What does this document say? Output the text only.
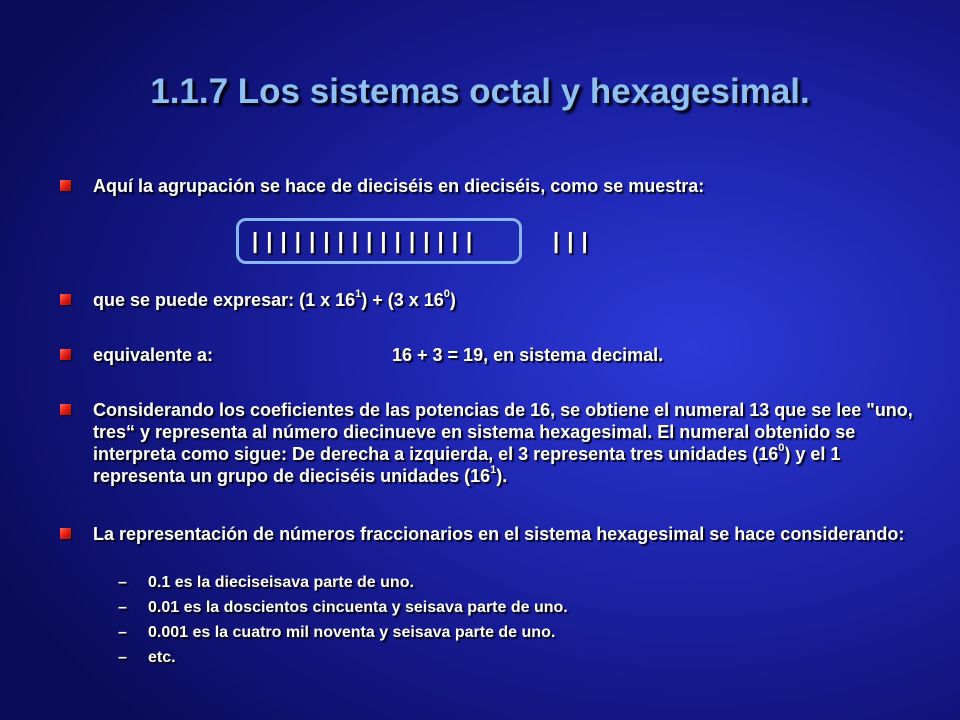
1.1.7 Los sistemas octal y hexagesimal.
Aquí la agrupación se hace de dieciséis en dieciséis, como se muestra:
| | | | | | | | | | | | | | | |	| | |
que se puede expresar: (1 x $16^1) + (3$ x $16^0$)
equivalente a:	16 + 3 = 19, en sistema decimal.
Considerando los coeficientes de las potencias de 16, se obtiene el numeral 13 que se lee "uno, tres“ y representa al número diecinueve en sistema hexagesimal. El numeral obtenido se interpreta como sigue: De derecha a izquierda, el 3 representa tres unidades $(16^0)$ y el 1 representa un grupo de dieciséis unidades $(16^1)$.
La representación de números fraccionarios en el sistema hexagesimal se hace considerando:
– 0.1 es la dieciseisava parte de uno.
– 0.01 es la doscientos cincuenta y seisava parte de uno.
– 0.001 es la cuatro mil noventa y seisava parte de uno.
– etc.
